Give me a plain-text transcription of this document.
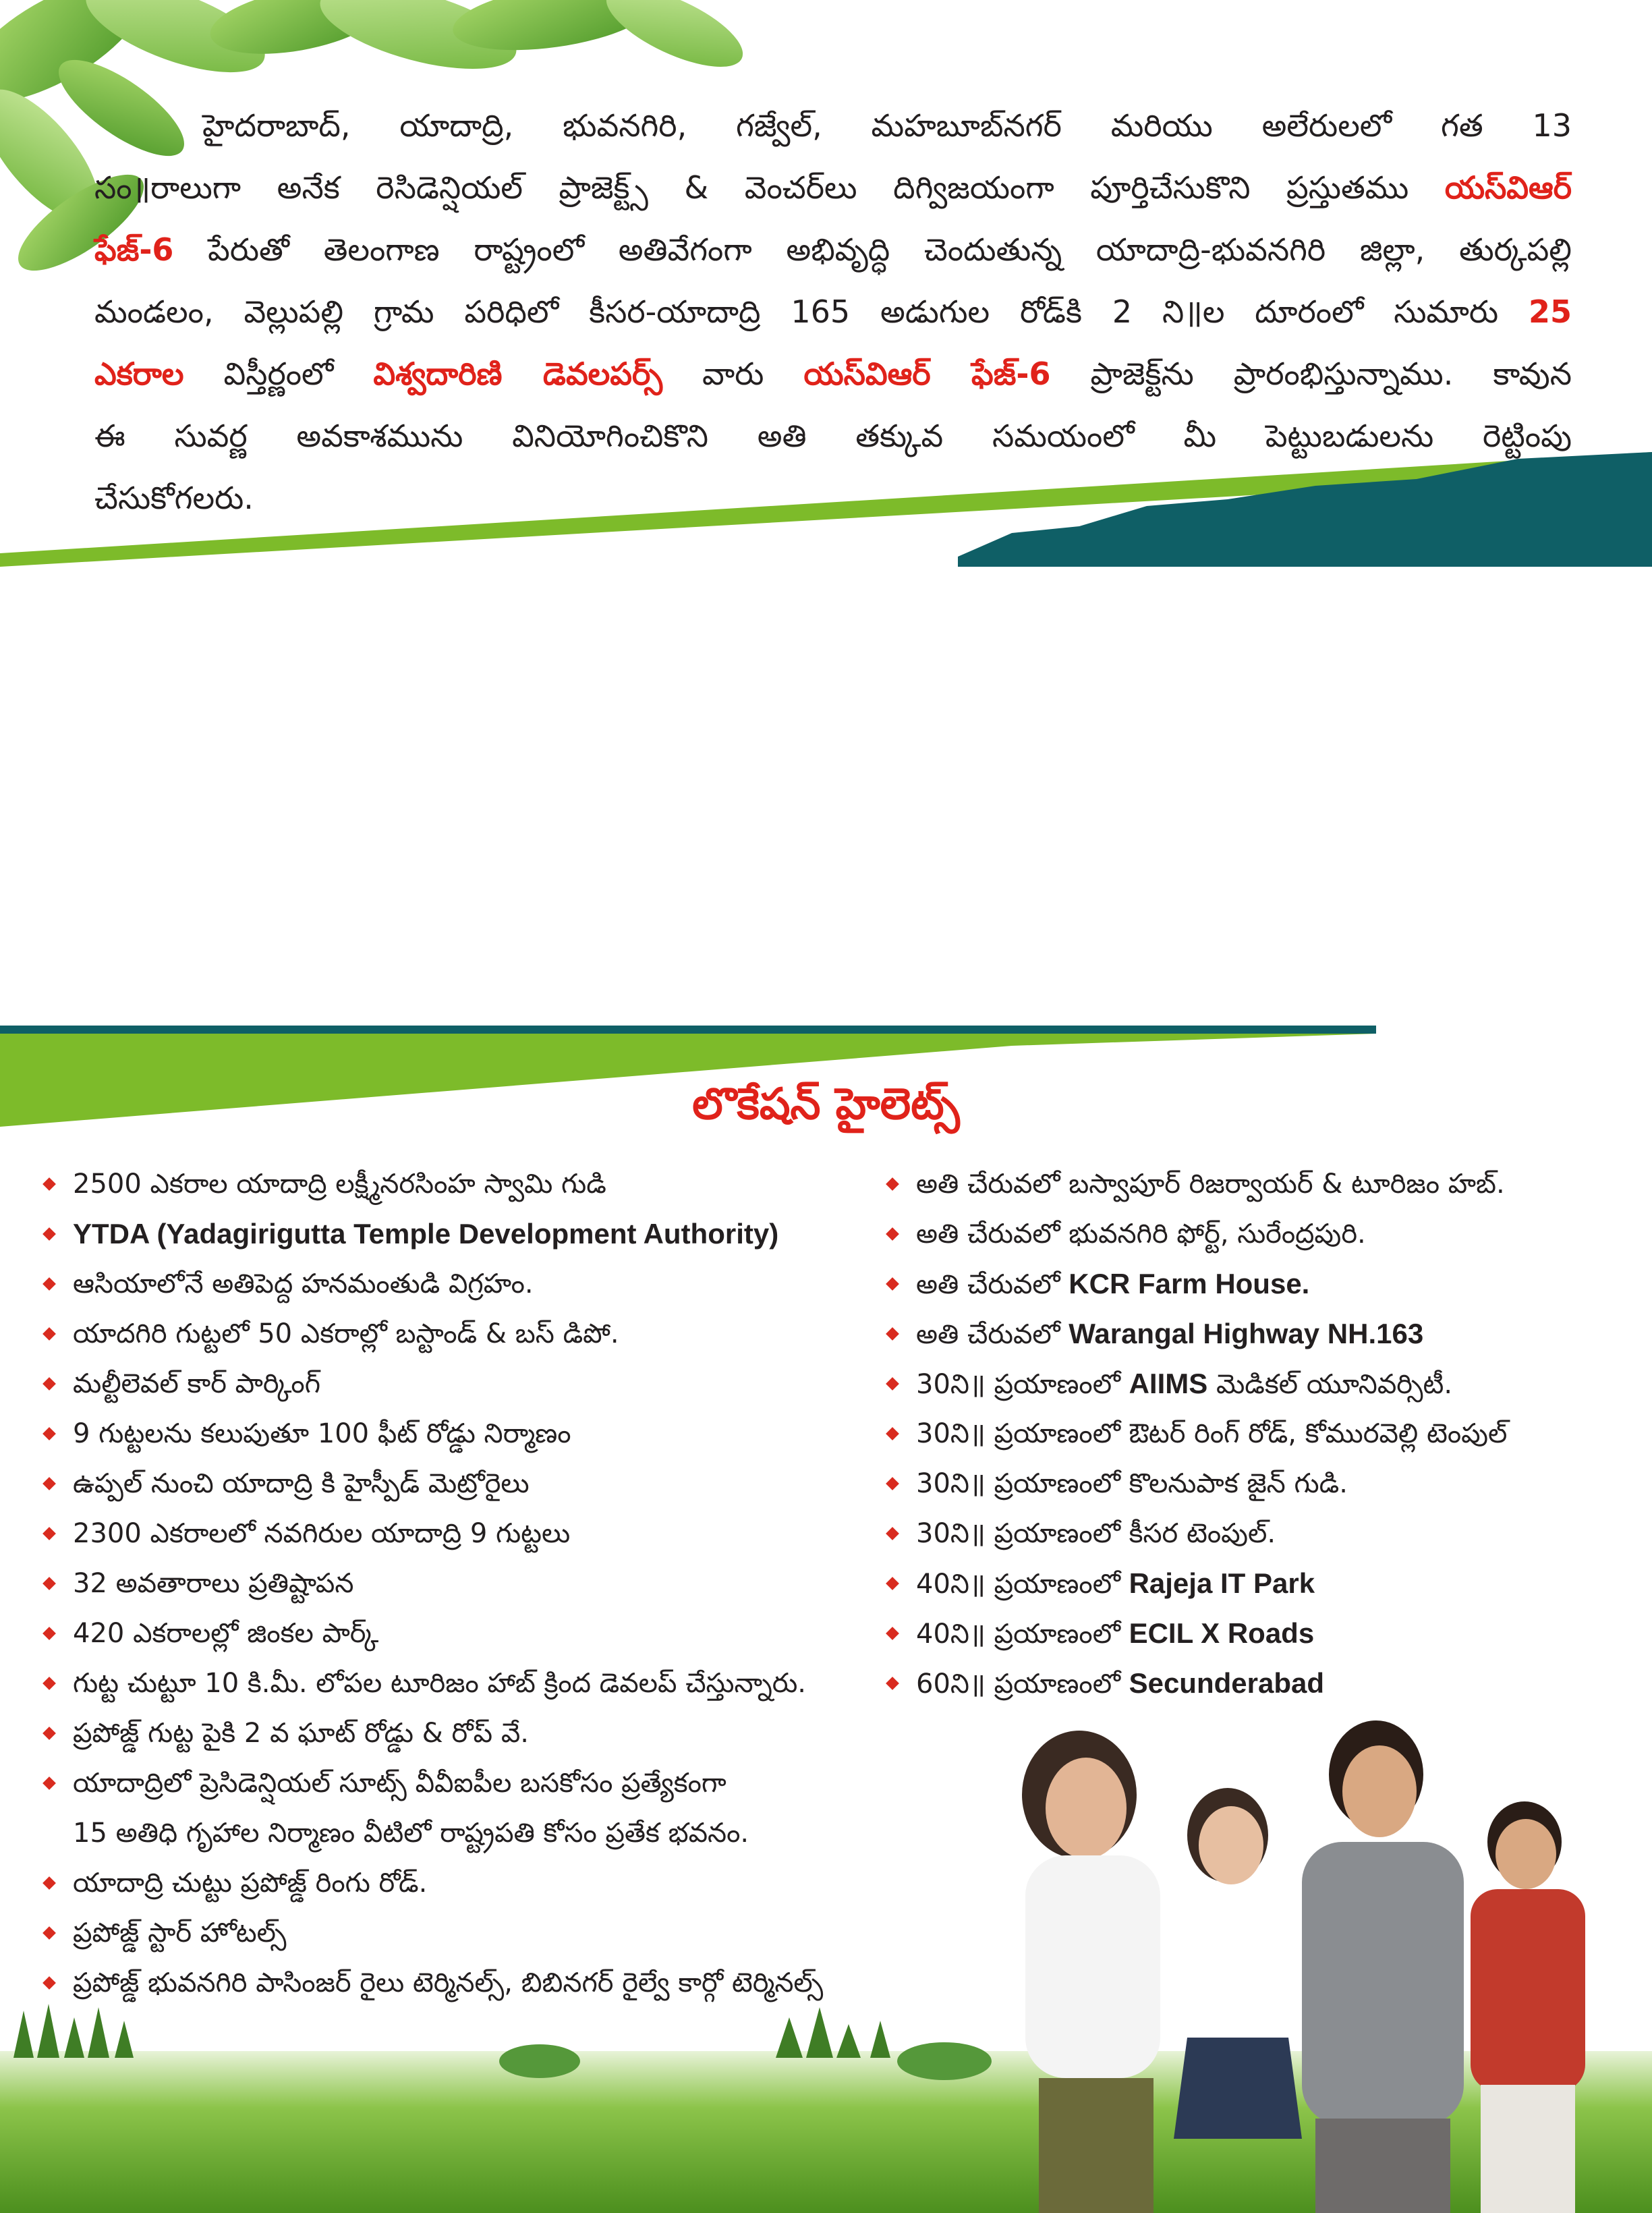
హైదరాబాద్, యాదాద్రి, భువనగిరి, గజ్వేల్, మహబూబ్‌నగర్ మరియు అలేరులలో గత 13
సం॥రాలుగా అనేక రెసిడెన్షియల్ ప్రాజెక్ట్స్ & వెంచర్‌లు దిగ్విజయంగా పూర్తిచేసుకొని ప్రస్తుతము యస్‌విఆర్
ఫేజ్-6 పేరుతో తెలంగాణ రాష్ట్రంలో అతివేగంగా అభివృద్ధి చెందుతున్న యాదాద్రి-భువనగిరి జిల్లా, తుర్కపల్లి
మండలం, వెల్లుపల్లి గ్రామ పరిధిలో కీసర-యాదాద్రి 165 అడుగుల రోడ్‌కి 2 ని॥ల దూరంలో సుమారు 25
ఎకరాల విస్తీర్ణంలో విశ్వదారిణి డెవలపర్స్ వారు యస్‌విఆర్ ఫేజ్-6 ప్రాజెక్ట్‌ను ప్రారంభిస్తున్నాము. కావున
ఈ సువర్ణ అవకాశమును వినియోగించికొని అతి తక్కువ సమయంలో మీ పెట్టుబడులను రెట్టింపు
చేసుకోగలరు.
లొకేషన్ హైలెట్స్
2500 ఎకరాల యాదాద్రి లక్ష్మీనరసింహ స్వామి గుడి
YTDA (Yadagirigutta Temple Development Authority)
ఆసియాలోనే అతిపెద్ద హనమంతుడి విగ్రహం.
యాదగిరి గుట్టలో 50 ఎకరాల్లో బస్టాండ్ & బస్ డిపో.
మల్టీలెవల్ కార్ పార్కింగ్
9 గుట్టలను కలుపుతూ 100 ఫీట్ రోడ్డు నిర్మాణం
ఉప్పల్ నుంచి యాదాద్రి కి హైస్పీడ్ మెట్రోరైలు
2300 ఎకరాలలో నవగిరుల యాదాద్రి 9 గుట్టలు
32 అవతారాలు ప్రతిష్టాపన
420 ఎకరాలల్లో జింకల పార్క్
గుట్ట చుట్టూ 10 కి.మీ. లోపల టూరిజం హాబ్ క్రింద డెవలప్ చేస్తున్నారు.
ప్రపోజ్డ్ గుట్ట పైకి 2 వ ఘాట్ రోడ్డు & రోప్ వే.
యాదాద్రిలో ప్రెసిడెన్షియల్ సూట్స్ వీవీఐపీల బసకోసం ప్రత్యేకంగా
15 అతిధి గృహాల నిర్మాణం వీటిలో రాష్ట్రపతి కోసం ప్రతేక భవనం.
యాదాద్రి చుట్టు ప్రపోజ్డ్ రింగు రోడ్.
ప్రపోజ్డ్ స్టార్ హోటల్స్
ప్రపోజ్డ్ భువనగిరి పాసింజర్ రైలు టెర్మినల్స్, బిబినగర్ రైల్వే కార్గో టెర్మినల్స్
అతి చేరువలో బస్వాపూర్ రిజర్వాయర్ & టూరిజం హబ్.
అతి చేరువలో భువనగిరి ఫోర్ట్, సురేంద్రపురి.
అతి చేరువలో KCR Farm House.
అతి చేరువలో Warangal Highway NH.163
30ని॥ ప్రయాణంలో AIIMS మెడికల్ యూనివర్సిటీ.
30ని॥ ప్రయాణంలో ఔటర్ రింగ్ రోడ్, కోమురవెల్లి టెంపుల్
30ని॥ ప్రయాణంలో కొలనుపాక జైన్ గుడి.
30ని॥ ప్రయాణంలో కీసర టెంపుల్.
40ని॥ ప్రయాణంలో Rajeja IT Park
40ని॥ ప్రయాణంలో ECIL X Roads
60ని॥ ప్రయాణంలో Secunderabad
